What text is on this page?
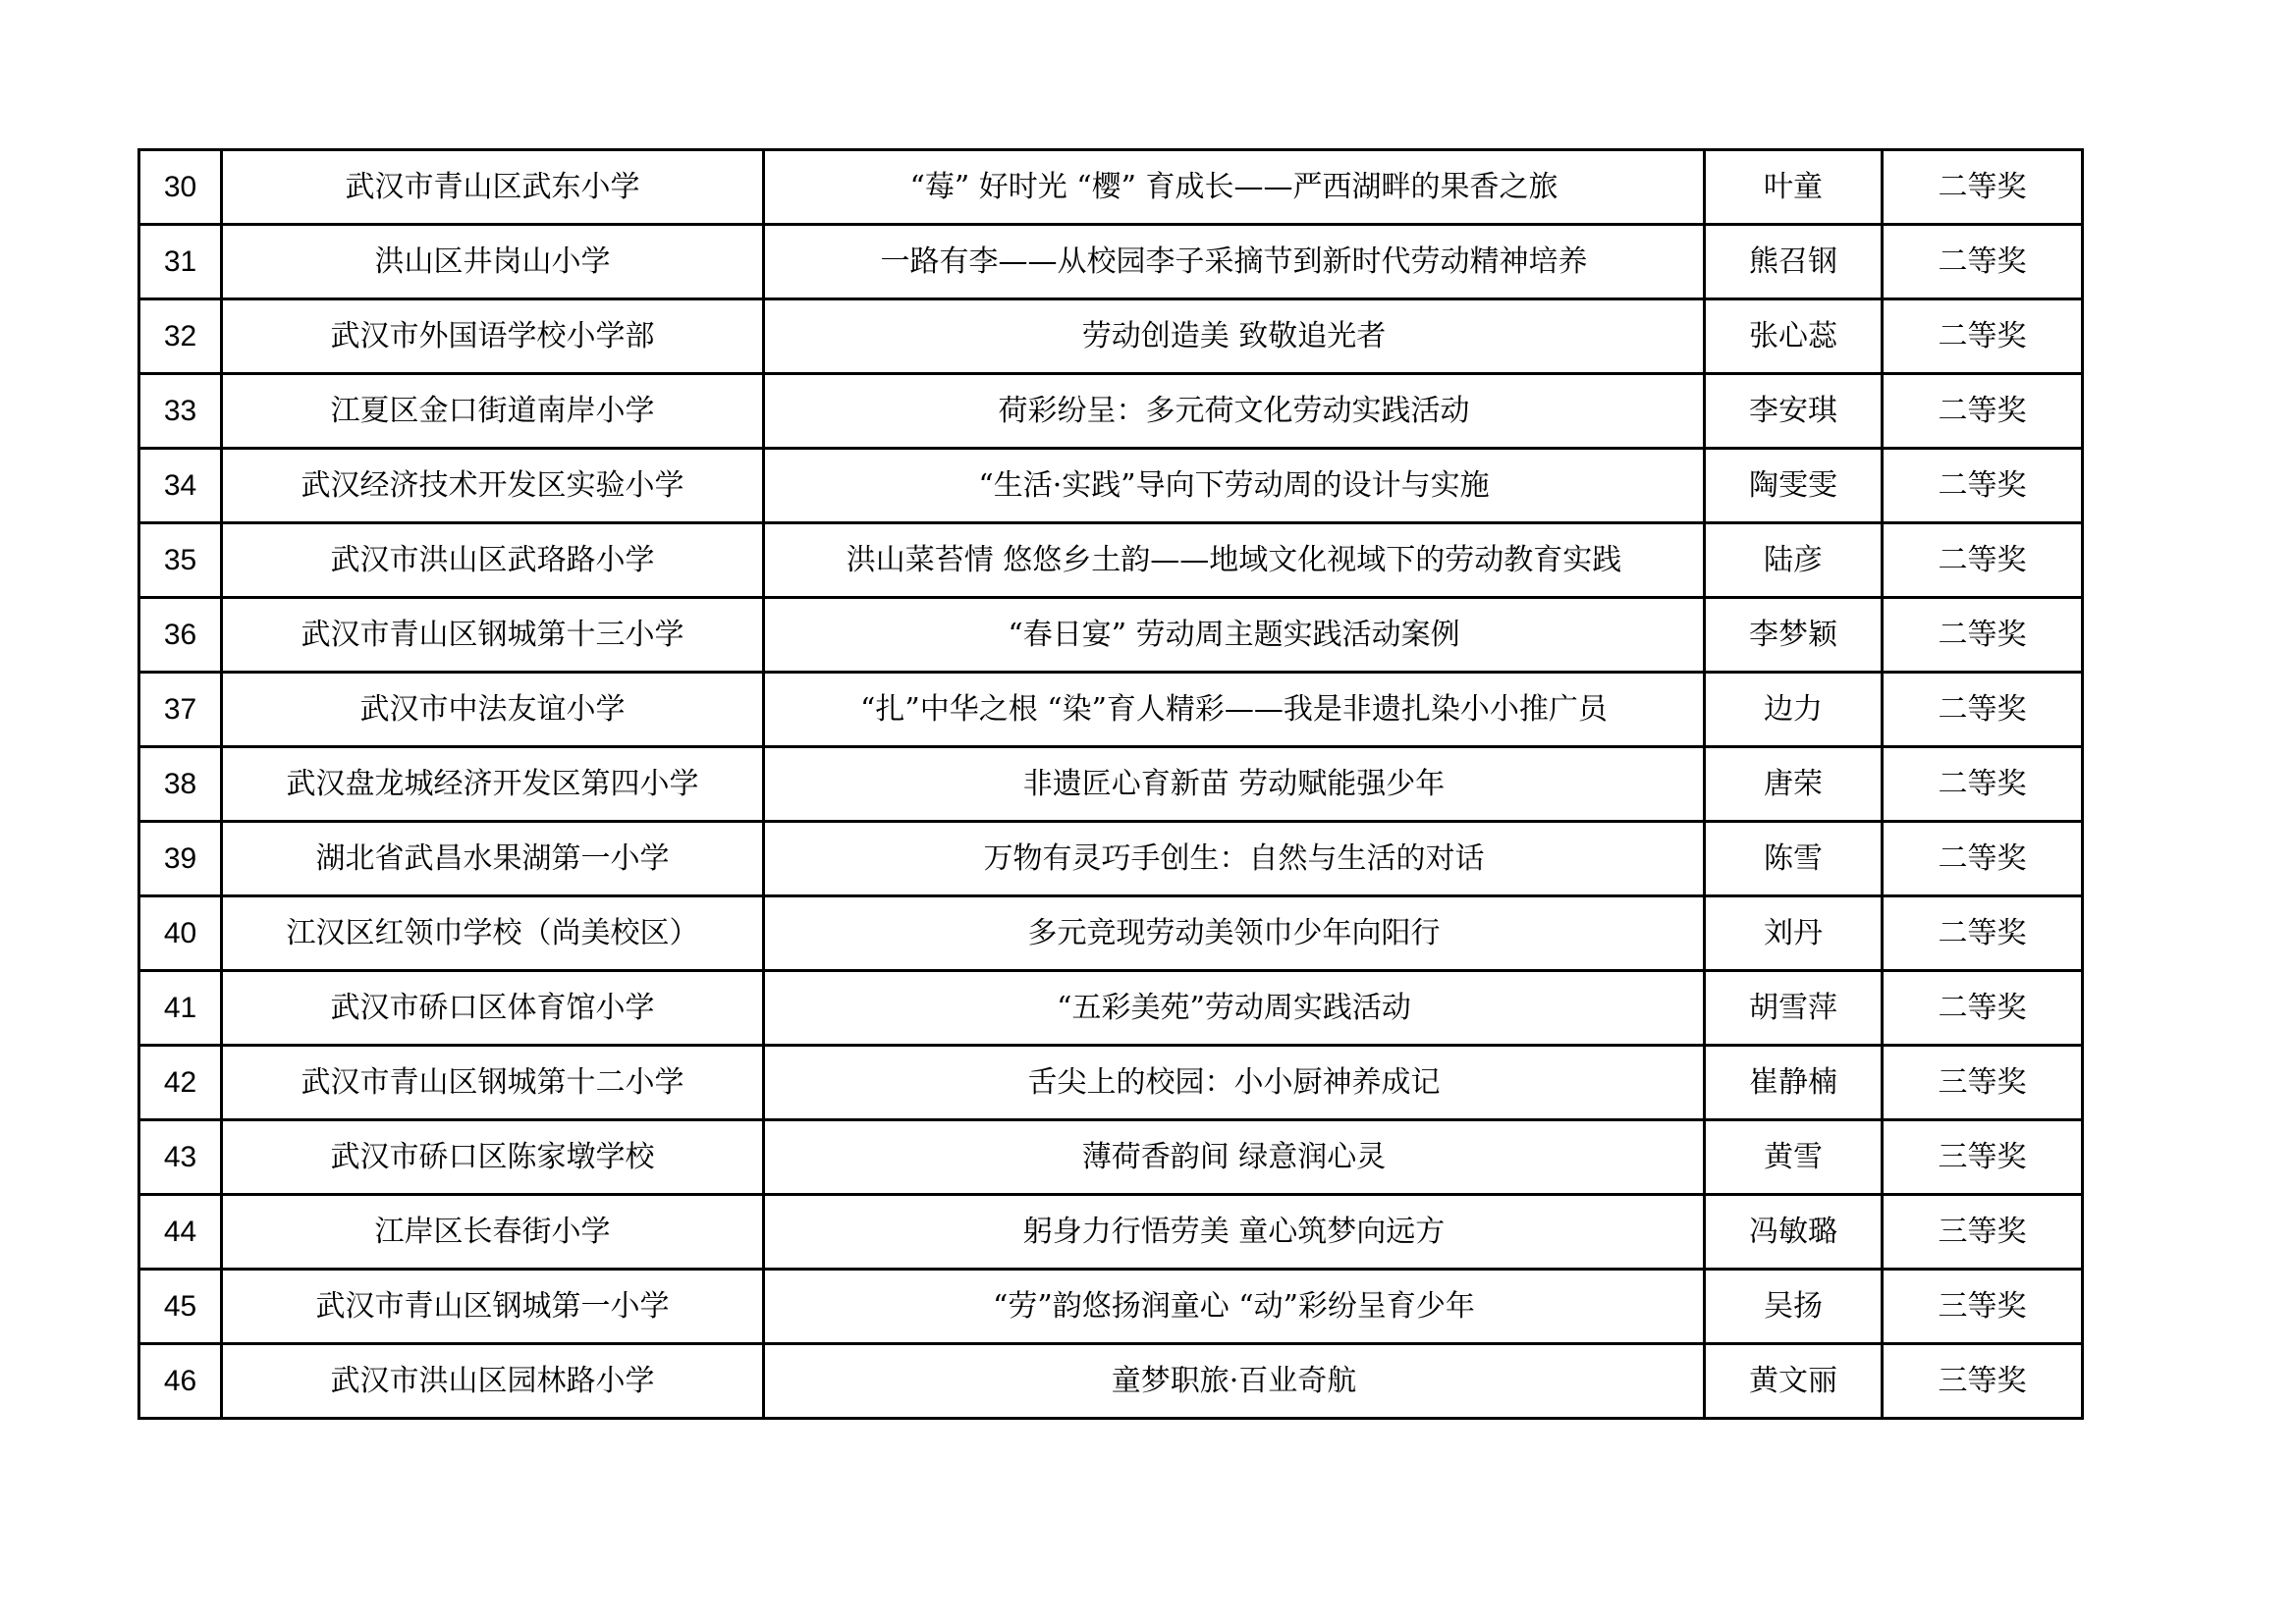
30	武汉市青山区武东小学	“莓” 好时光 “樱” 育成长——严西湖畔的果香之旅	叶童	二等奖
31	洪山区井岗山小学	一路有李——从校园李子采摘节到新时代劳动精神培养	熊召钢	二等奖
32	武汉市外国语学校小学部	劳动创造美 致敬追光者	张心蕊	二等奖
33	江夏区金口街道南岸小学	荷彩纷呈：多元荷文化劳动实践活动	李安琪	二等奖
34	武汉经济技术开发区实验小学	“生活·实践”导向下劳动周的设计与实施	陶雯雯	二等奖
35	武汉市洪山区武珞路小学	洪山菜苔情 悠悠乡土韵——地域文化视域下的劳动教育实践	陆彦	二等奖
36	武汉市青山区钢城第十三小学	“春日宴” 劳动周主题实践活动案例	李梦颖	二等奖
37	武汉市中法友谊小学	“扎”中华之根 “染”育人精彩——我是非遗扎染小小推广员	边力	二等奖
38	武汉盘龙城经济开发区第四小学	非遗匠心育新苗 劳动赋能强少年	唐荣	二等奖
39	湖北省武昌水果湖第一小学	万物有灵巧手创生：自然与生活的对话	陈雪	二等奖
40	江汉区红领巾学校（尚美校区）	多元竞现劳动美领巾少年向阳行	刘丹	二等奖
41	武汉市硚口区体育馆小学	“五彩美苑”劳动周实践活动	胡雪萍	二等奖
42	武汉市青山区钢城第十二小学	舌尖上的校园：小小厨神养成记	崔静楠	三等奖
43	武汉市硚口区陈家墩学校	薄荷香韵间 绿意润心灵	黄雪	三等奖
44	江岸区长春街小学	躬身力行悟劳美 童心筑梦向远方	冯敏璐	三等奖
45	武汉市青山区钢城第一小学	“劳”韵悠扬润童心 “动”彩纷呈育少年	吴扬	三等奖
46	武汉市洪山区园林路小学	童梦职旅·百业奇航	黄文丽	三等奖
